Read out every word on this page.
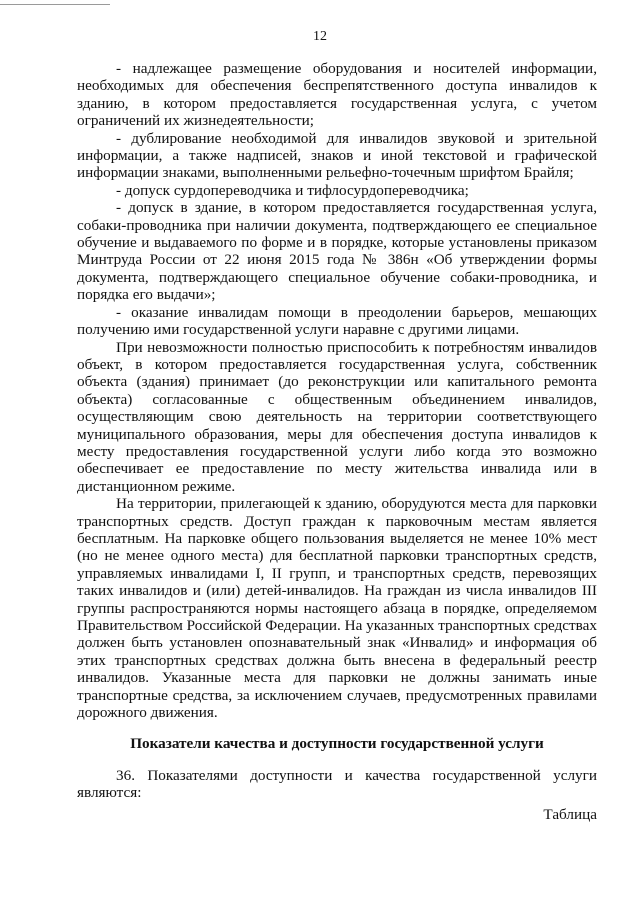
12

- надлежащее размещение оборудования и носителей информации, необходимых для обеспечения беспрепятственного доступа инвалидов к зданию, в котором предоставляется государственная услуга, с учетом ограничений их жизнедеятельности;

- дублирование необходимой для инвалидов звуковой и зрительной информации, а также надписей, знаков и иной текстовой и графической информации знаками, выполненными рельефно-точечным шрифтом Брайля;

- допуск сурдопереводчика и тифлосурдопереводчика;

- допуск в здание, в котором предоставляется государственная услуга, собаки-проводника при наличии документа, подтверждающего ее специальное обучение и выдаваемого по форме и в порядке, которые установлены приказом Минтруда России от 22 июня 2015 года № 386н «Об утверждении формы документа, подтверждающего специальное обучение собаки-проводника, и порядка его выдачи»;

- оказание инвалидам помощи в преодолении барьеров, мешающих получению ими государственной услуги наравне с другими лицами.

При невозможности полностью приспособить к потребностям инвалидов объект, в котором предоставляется государственная услуга, собственник объекта (здания) принимает (до реконструкции или капитального ремонта объекта) согласованные с общественным объединением инвалидов, осуществляющим свою деятельность на территории соответствующего муниципального образования, меры для обеспечения доступа инвалидов к месту предоставления государственной услуги либо когда это возможно обеспечивает ее предоставление по месту жительства инвалида или в дистанционном режиме.

На территории, прилегающей к зданию, оборудуются места для парковки транспортных средств. Доступ граждан к парковочным местам является бесплатным. На парковке общего пользования выделяется не менее 10% мест (но не менее одного места) для бесплатной парковки транспортных средств, управляемых инвалидами I, II групп, и транспортных средств, перевозящих таких инвалидов и (или) детей-инвалидов. На граждан из числа инвалидов III группы распространяются нормы настоящего абзаца в порядке, определяемом Правительством Российской Федерации. На указанных транспортных средствах должен быть установлен опознавательный знак «Инвалид» и информация об этих транспортных средствах должна быть внесена в федеральный реестр инвалидов. Указанные места для парковки не должны занимать иные транспортные средства, за исключением случаев, предусмотренных правилами дорожного движения.

Показатели качества и доступности государственной услуги

36. Показателями доступности и качества государственной услуги являются:

Таблица
